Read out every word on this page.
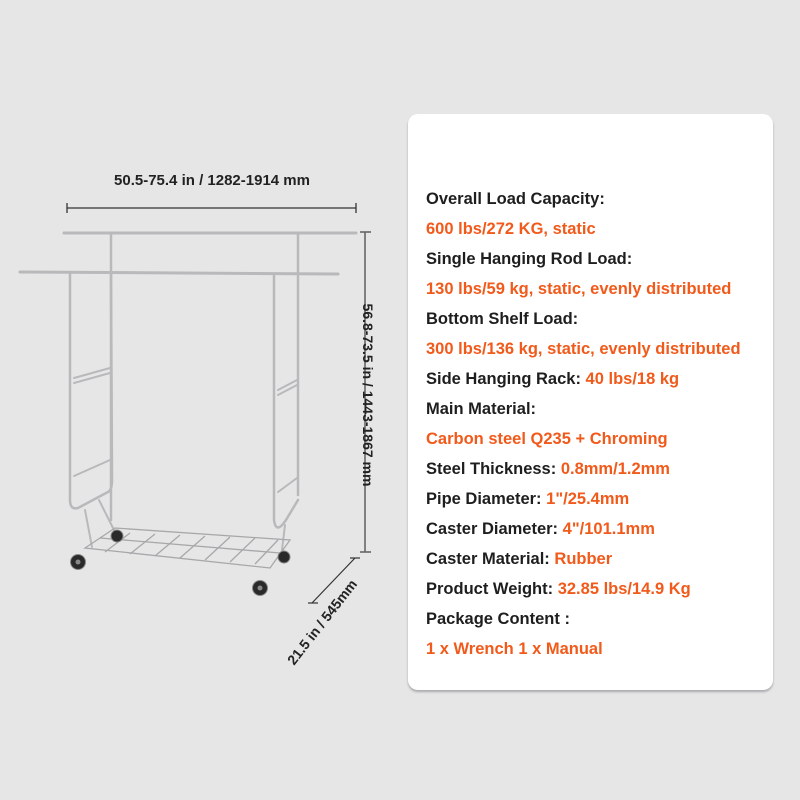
50.5-75.4 in / 1282-1914 mm
56.8-73.5 in / 1443-1867 mm
21.5 in / 545mm
Overall Load Capacity:
600 lbs/272 KG, static
Single Hanging Rod Load:
130 lbs/59 kg, static, evenly distributed
Bottom Shelf Load:
300 lbs/136 kg, static, evenly distributed
Side Hanging Rack: 40 lbs/18 kg
Main Material:
Carbon steel Q235 + Chroming
Steel Thickness: 0.8mm/1.2mm
Pipe Diameter: 1"/25.4mm
Caster Diameter: 4"/101.1mm
Caster Material: Rubber
Product Weight: 32.85 lbs/14.9 Kg
Package Content :
1 x Wrench 1 x Manual
